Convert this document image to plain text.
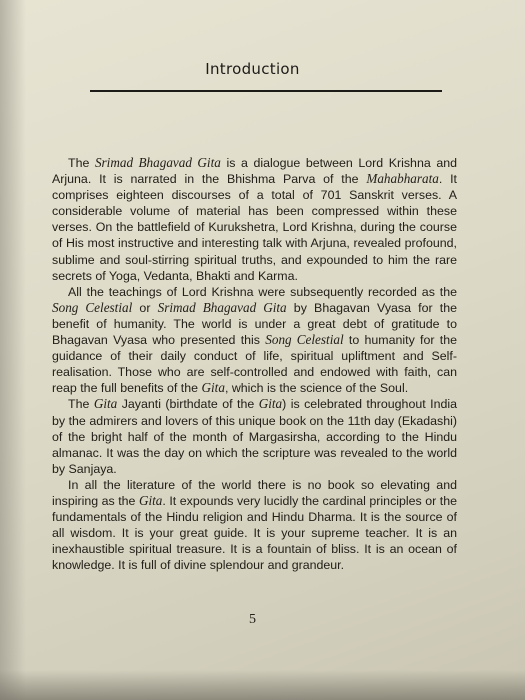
Introduction

The Srimad Bhagavad Gita is a dialogue between Lord Krishna and Arjuna. It is narrated in the Bhishma Parva of the Mahabharata. It comprises eighteen discourses of a total of 701 Sanskrit verses. A considerable volume of material has been compressed within these verses. On the battlefield of Kurukshetra, Lord Krishna, during the course of His most instructive and interesting talk with Arjuna, revealed profound, sublime and soul-stirring spiritual truths, and expounded to him the rare secrets of Yoga, Vedanta, Bhakti and Karma.

All the teachings of Lord Krishna were subsequently recorded as the Song Celestial or Srimad Bhagavad Gita by Bhagavan Vyasa for the benefit of humanity. The world is under a great debt of gratitude to Bhagavan Vyasa who presented this Song Celestial to humanity for the guidance of their daily conduct of life, spiritual upliftment and Self-realisation. Those who are self-controlled and endowed with faith, can reap the full benefits of the Gita, which is the science of the Soul.

The Gita Jayanti (birthdate of the Gita) is celebrated throughout India by the admirers and lovers of this unique book on the 11th day (Ekadashi) of the bright half of the month of Margasirsha, according to the Hindu almanac. It was the day on which the scripture was revealed to the world by Sanjaya.

In all the literature of the world there is no book so elevating and inspiring as the Gita. It expounds very lucidly the cardinal principles or the fundamentals of the Hindu religion and Hindu Dharma. It is the source of all wisdom. It is your great guide. It is your supreme teacher. It is an inexhaustible spiritual treasure. It is a fountain of bliss. It is an ocean of knowledge. It is full of divine splendour and grandeur.

5
